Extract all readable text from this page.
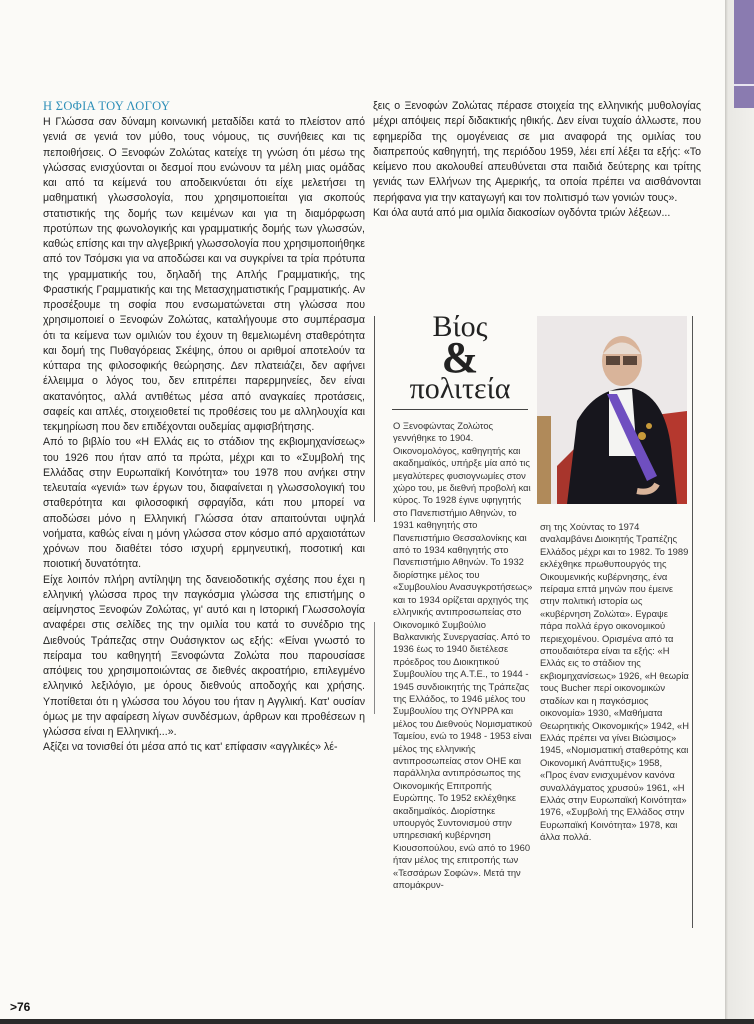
Η ΣΟΦΙΑ ΤΟΥ ΛΟΓΟΥ

Η Γλώσσα σαν δύναμη κοινωνική μεταδίδει κατά το πλείστον από γενιά σε γενιά τον μύθο, τους νόμους, τις συνήθειες και τις πεποιθήσεις. Ο Ξενοφών Ζολώτας κατείχε τη γνώση ότι μέσω της γλώσσας ενισχύονται οι δεσμοί που ενώνουν τα μέλη μιας ομάδας και από τα κείμενά του αποδεικνύεται ότι είχε μελετήσει τη μαθηματική γλωσσολογία, που χρησιμοποιείται για σκοπούς στατιστικής της δομής των κειμένων και για τη διαμόρφωση προτύπων της φωνολογικής και γραμματικής δομής των γλωσσών, καθώς επίσης και την αλγεβρική γλωσσολογία που χρησιμοποιήθηκε από τον Τσόμσκι για να αποδώσει και να συγκρίνει τα τρία πρότυπα της γραμματικής του, δηλαδή της Απλής Γραμματικής, της Φραστικής Γραμματικής και της Μετασχηματιστικής Γραμματικής. Αν προσέξουμε τη σοφία που ενσωματώνεται στη γλώσσα που χρησιμοποιεί ο Ξενοφών Ζολώτας, καταλήγουμε στο συμπέρασμα ότι τα κείμενα των ομιλιών του έχουν τη θεμελιωμένη σταθερότητα και δομή της Πυθαγόρειας Σκέψης, όπου οι αριθμοί αποτελούν τα κύτταρα της φιλοσοφικής θεώρησης. Δεν πλατειάζει, δεν αφήνει έλλειμμα ο λόγος του, δεν επιτρέπει παρερμηνείες, δεν είναι ακατανόητος, αλλά αντιθέτως μέσα από αναγκαίες προτάσεις, σαφείς και απλές, στοιχειοθετεί τις προθέσεις του με αλληλουχία και τεκμηρίωση που δεν επιδέχονται ουδεμίας αμφισβήτησης.

Από το βιβλίο του «Η Ελλάς εις το στάδιον της εκβιομηχανίσεως» του 1926 που ήταν από τα πρώτα, μέχρι και το «Συμβολή της Ελλάδας στην Ευρωπαϊκή Κοινότητα» του 1978 που ανήκει στην τελευταία «γενιά» των έργων του, διαφαίνεται η γλωσσολογική του σταθερότητα και φιλοσοφική σφραγίδα, κάτι που μπορεί να αποδώσει μόνο η Ελληνική Γλώσσα όταν απαιτούνται υψηλά νοήματα, καθώς είναι η μόνη γλώσσα στον κόσμο από αρχαιοτάτων χρόνων που διαθέτει τόσο ισχυρή ερμηνευτική, ποσοτική και ποιοτική δυνατότητα.

Είχε λοιπόν πλήρη αντίληψη της δανειοδοτικής σχέσης που έχει η ελληνική γλώσσα προς την παγκόσμια γλώσσα της επιστήμης ο αείμνηστος Ξενοφών Ζολώτας, γι' αυτό και η Ιστορική Γλωσσολογία αναφέρει στις σελίδες της την ομιλία του κατά το συνέδριο της Διεθνούς Τράπεζας στην Ουάσιγκτον ως εξής: «Είναι γνωστό το πείραμα του καθηγητή Ξενοφώντα Ζολώτα που παρουσίασε απόψεις του χρησιμοποιώντας σε διεθνές ακροατήριο, επιλεγμένο ελληνικό λεξιλόγιο, με όρους διεθνούς αποδοχής και χρήσης. Υποτίθεται ότι η γλώσσα του λόγου του ήταν η Αγγλική. Κατ' ουσίαν όμως με την αφαίρεση λίγων συνδέσμων, άρθρων και προθέσεων η γλώσσα είναι η Ελληνική...».

Αξίζει να τονισθεί ότι μέσα από τις κατ' επίφασιν «αγγλικές» λέ-

ξεις ο Ξενοφών Ζολώτας πέρασε στοιχεία της ελληνικής μυθολογίας μέχρι απόψεις περί διδακτικής ηθικής. Δεν είναι τυχαίο άλλωστε, που εφημερίδα της ομογένειας σε μια αναφορά της ομιλίας του διαπρεπούς καθηγητή, της περιόδου 1959, λέει επί λέξει τα εξής: «Το κείμενο που ακολουθεί απευθύνεται στα παιδιά δεύτερης και τρίτης γενιάς των Ελλήνων της Αμερικής, τα οποία πρέπει να αισθάνονται περήφανα για την καταγωγή και τον πολιτισμό των γονιών τους».

Και όλα αυτά από μια ομιλία διακοσίων ογδόντα τριών λέξεων...

Βίος
&
πολιτεία

Ο Ξενοφώντας Ζολώτος γεννήθηκε το 1904. Οικονομολόγος, καθηγητής και ακαδημαϊκός, υπήρξε μία από τις μεγαλύτερες φυσιογνωμίες στον χώρο του, με διεθνή προβολή και κύρος. Το 1928 έγινε υφηγητής στο Πανεπιστήμιο Αθηνών, το 1931 καθηγητής στο Πανεπιστήμιο Θεσσαλονίκης και από το 1934 καθηγητής στο Πανεπιστήμιο Αθηνών. Το 1932 διορίστηκε μέλος του «Συμβουλίου Ανασυγκροτήσεως» και το 1934 ορίζεται αρχηγός της ελληνικής αντιπροσωπείας στο Οικονομικό Συμβούλιο Βαλκανικής Συνεργασίας. Από το 1936 έως το 1940 διετέλεσε πρόεδρος του Διοικητικού Συμβουλίου της Α.Τ.Ε., το 1944 - 1945 συνδιοικητής της Τράπεζας της Ελλάδος, το 1946 μέλος του Συμβουλίου της ΟΥΝΡΡΑ και μέλος του Διεθνούς Νομισματικού Ταμείου, ενώ το 1948 - 1953 είναι μέλος της ελληνικής αντιπροσωπείας στον ΟΗΕ και παράλληλα αντιπρόσωπος της Οικονομικής Επιτροπής Ευρώπης. Το 1952 εκλέχθηκε ακαδημαϊκός. Διορίστηκε υπουργός Συντονισμού στην υπηρεσιακή κυβέρνηση Κιουσοπούλου, ενώ από το 1960 ήταν μέλος της επιτροπής των «Τεσσάρων Σοφών». Μετά την απομάκρυν-

ση της Χούντας το 1974 αναλαμβάνει Διοικητής Τραπέζης Ελλάδος μέχρι και το 1982. Το 1989 εκλέχθηκε πρωθυπουργός της Οικουμενικής κυβέρνησης, ένα πείραμα επτά μηνών που έμεινε στην πολιτική ιστορία ως «κυβέρνηση Ζολώτα». Εγραψε πάρα πολλά έργο οικονομικού περιεχομένου. Ορισμένα από τα σπουδαιότερα είναι τα εξής: «Η Ελλάς εις το στάδιον της εκβιομηχανίσεως» 1926, «Η θεωρία τους Bucher περί οικονομικών σταδίων και η παγκόσμιος οικονομία» 1930, «Μαθήματα Θεωρητικής Οικονομικής» 1942, «Η Ελλάς πρέπει να γίνει Βιώσιμος» 1945, «Νομισματική σταθερότης και Οικονομική Ανάπτυξις» 1958, «Προς έναν ενισχυμένον κανόνα συναλλάγματος χρυσού» 1961, «Η Ελλάς στην Ευρωπαϊκή Κοινότητα» 1976, «Συμβολή της Ελλάδος στην Ευρωπαϊκή Κοινότητα» 1978, και άλλα πολλά.

>76
